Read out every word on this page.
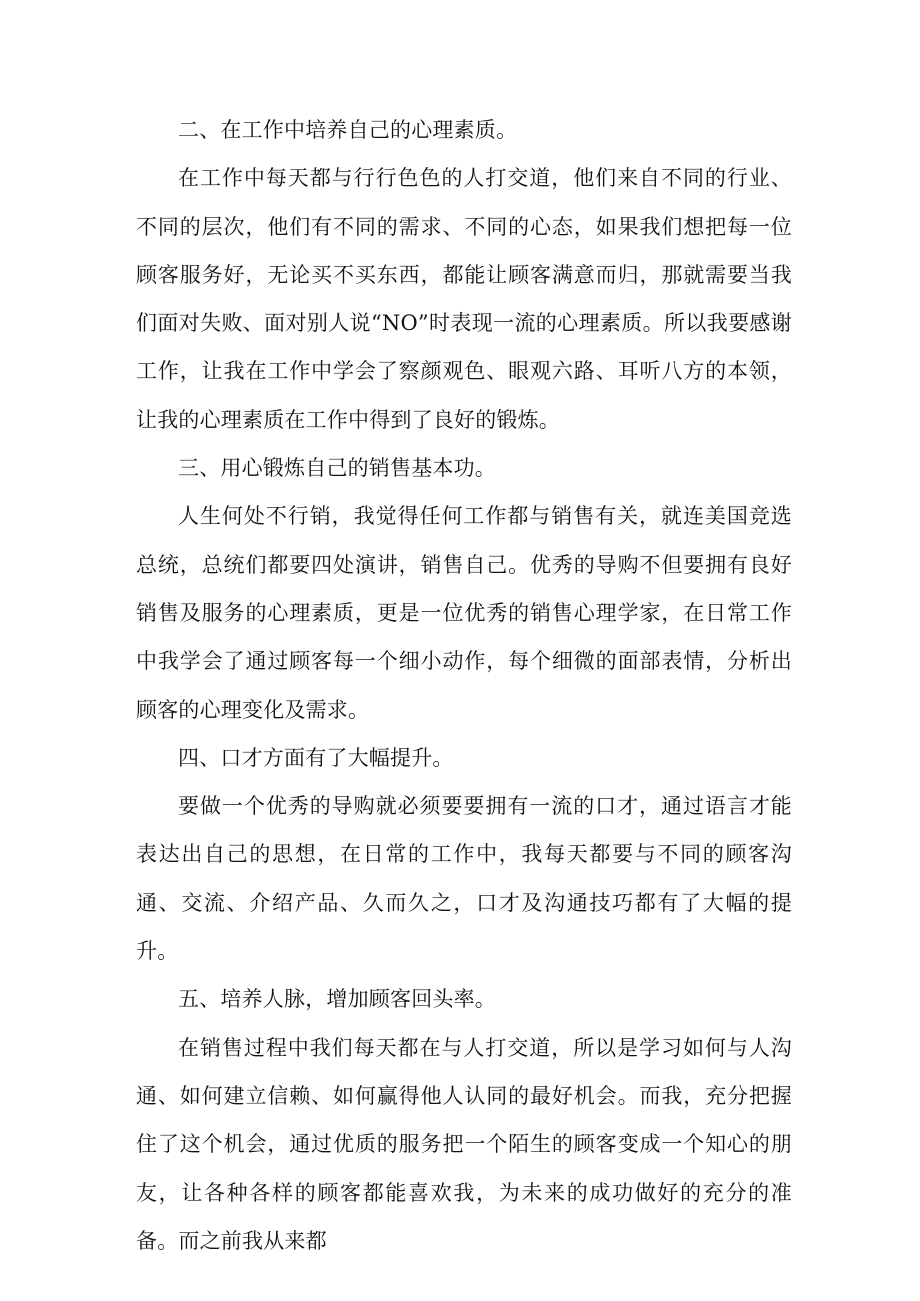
二、在工作中培养自己的心理素质。

在工作中每天都与行行色色的人打交道，他们来自不同的行业、不同的层次，他们有不同的需求、不同的心态，如果我们想把每一位顾客服务好，无论买不买东西，都能让顾客满意而归，那就需要当我们面对失败、面对别人说“NO”时表现一流的心理素质。所以我要感谢工作，让我在工作中学会了察颜观色、眼观六路、耳听八方的本领，让我的心理素质在工作中得到了良好的锻炼。

三、用心锻炼自己的销售基本功。

人生何处不行销，我觉得任何工作都与销售有关，就连美国竞选总统，总统们都要四处演讲，销售自己。优秀的导购不但要拥有良好销售及服务的心理素质，更是一位优秀的销售心理学家，在日常工作中我学会了通过顾客每一个细小动作，每个细微的面部表情，分析出顾客的心理变化及需求。

四、口才方面有了大幅提升。

要做一个优秀的导购就必须要要拥有一流的口才，通过语言才能表达出自己的思想，在日常的工作中，我每天都要与不同的顾客沟通、交流、介绍产品、久而久之，口才及沟通技巧都有了大幅的提升。

五、培养人脉，增加顾客回头率。

在销售过程中我们每天都在与人打交道，所以是学习如何与人沟通、如何建立信赖、如何赢得他人认同的最好机会。而我，充分把握住了这个机会，通过优质的服务把一个陌生的顾客变成一个知心的朋友，让各种各样的顾客都能喜欢我，为未来的成功做好的充分的准备。而之前我从来都
